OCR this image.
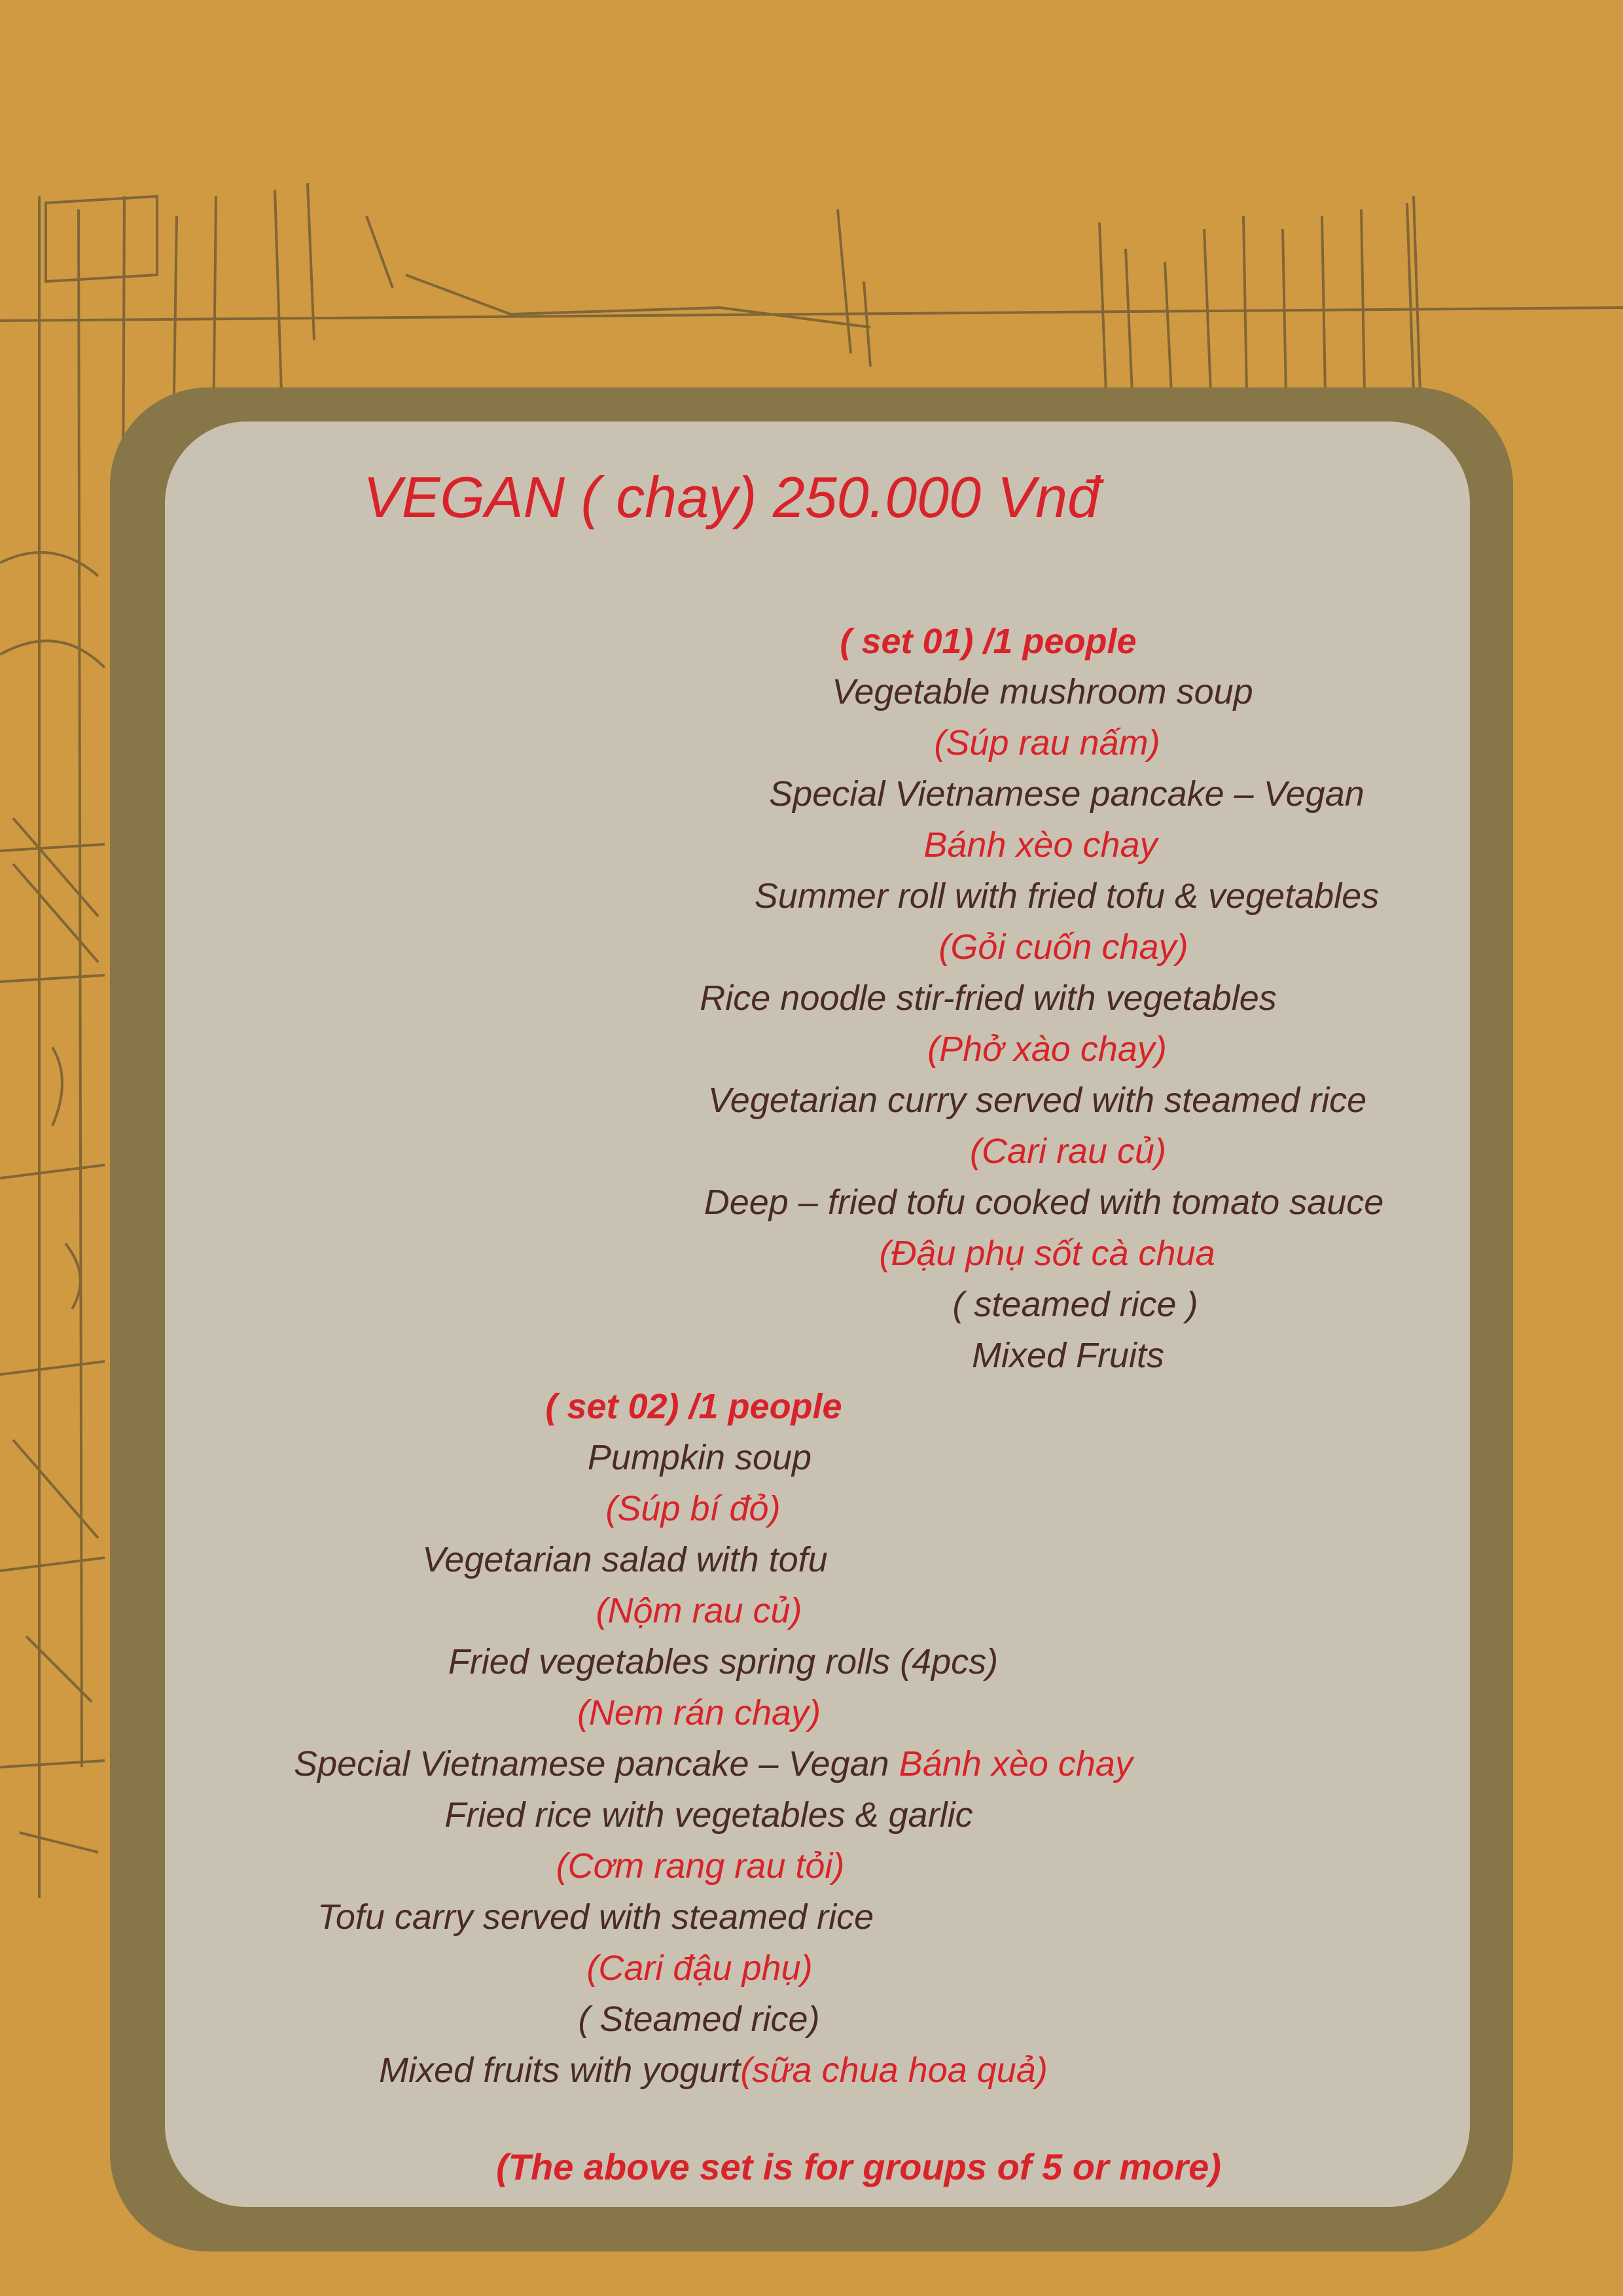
VEGAN ( chay) 250.000 Vnđ
( set 01) /1 people
Vegetable mushroom soup
(Súp rau nấm)
Special Vietnamese pancake – Vegan
Bánh xèo chay
Summer roll with fried tofu & vegetables
(Gỏi cuốn chay)
Rice noodle stir-fried with vegetables
(Phở xào chay)
Vegetarian curry served with steamed rice
(Cari rau củ)
Deep – fried tofu cooked with tomato sauce
(Đậu phụ sốt cà chua
( steamed rice )
Mixed Fruits
( set 02) /1 people
Pumpkin soup
(Súp bí đỏ)
Vegetarian salad with tofu
(Nộm rau củ)
Fried vegetables spring rolls (4pcs)
(Nem rán chay)
Special Vietnamese pancake – Vegan Bánh xèo chay
Fried rice with vegetables & garlic
(Cơm rang rau tỏi)
Tofu carry served with steamed rice
(Cari đậu phụ)
( Steamed rice)
Mixed fruits with yogurt(sữa chua hoa quả)
(The above set is for groups of 5 or more)
